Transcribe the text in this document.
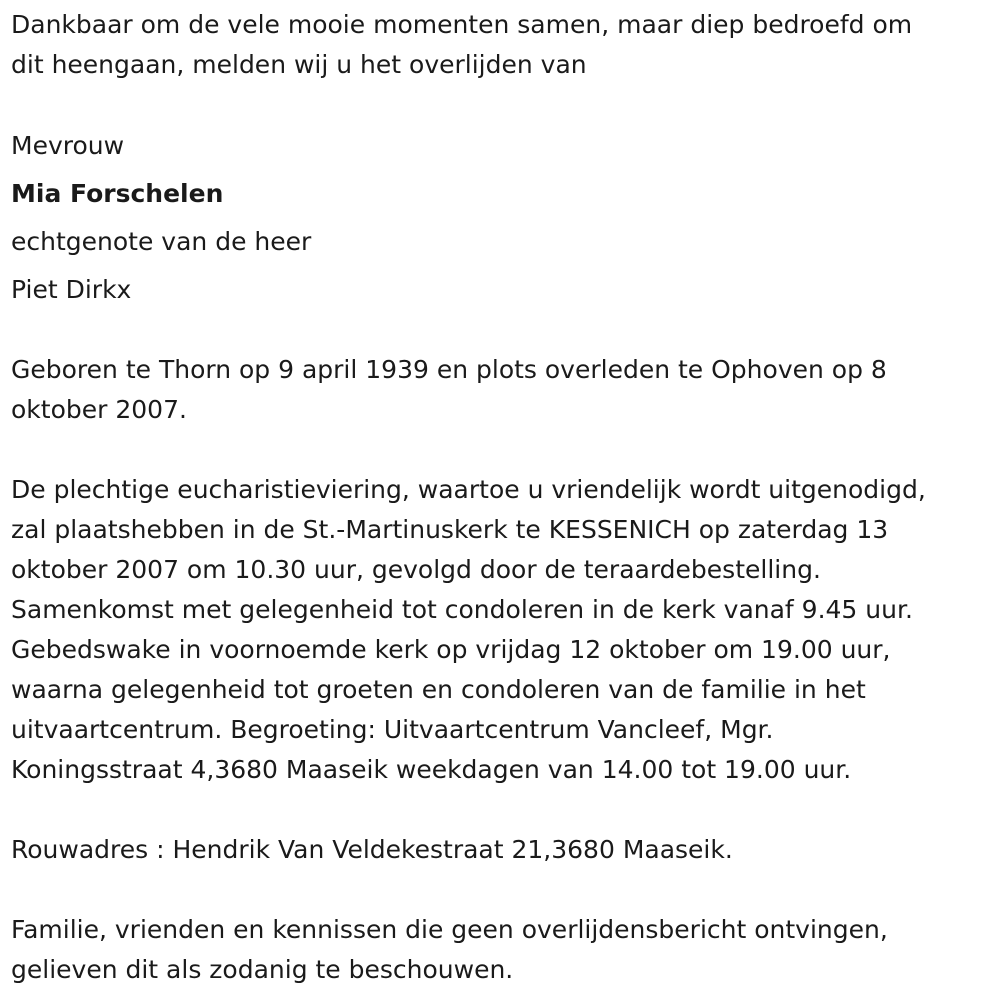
Dankbaar om de vele mooie momenten samen, maar diep bedroefd om
dit heengaan, melden wij u het overlijden van

Mevrouw

Mia Forschelen

echtgenote van de heer

Piet Dirkx

Geboren te Thorn op 9 april 1939 en plots overleden te Ophoven op 8
oktober 2007.

De plechtige eucharistieviering, waartoe u vriendelijk wordt uitgenodigd,
zal plaatshebben in de St.-Martinuskerk te KESSENICH op zaterdag 13
oktober 2007 om 10.30 uur, gevolgd door de teraardebestelling.
Samenkomst met gelegenheid tot condoleren in de kerk vanaf 9.45 uur.
Gebedswake in voornoemde kerk op vrijdag 12 oktober om 19.00 uur,
waarna gelegenheid tot groeten en condoleren van de familie in het
uitvaartcentrum. Begroeting: Uitvaartcentrum Vancleef, Mgr.
Koningsstraat 4,3680 Maaseik weekdagen van 14.00 tot 19.00 uur.

Rouwadres : Hendrik Van Veldekestraat 21,3680 Maaseik.

Familie, vrienden en kennissen die geen overlijdensbericht ontvingen,
gelieven dit als zodanig te beschouwen.
